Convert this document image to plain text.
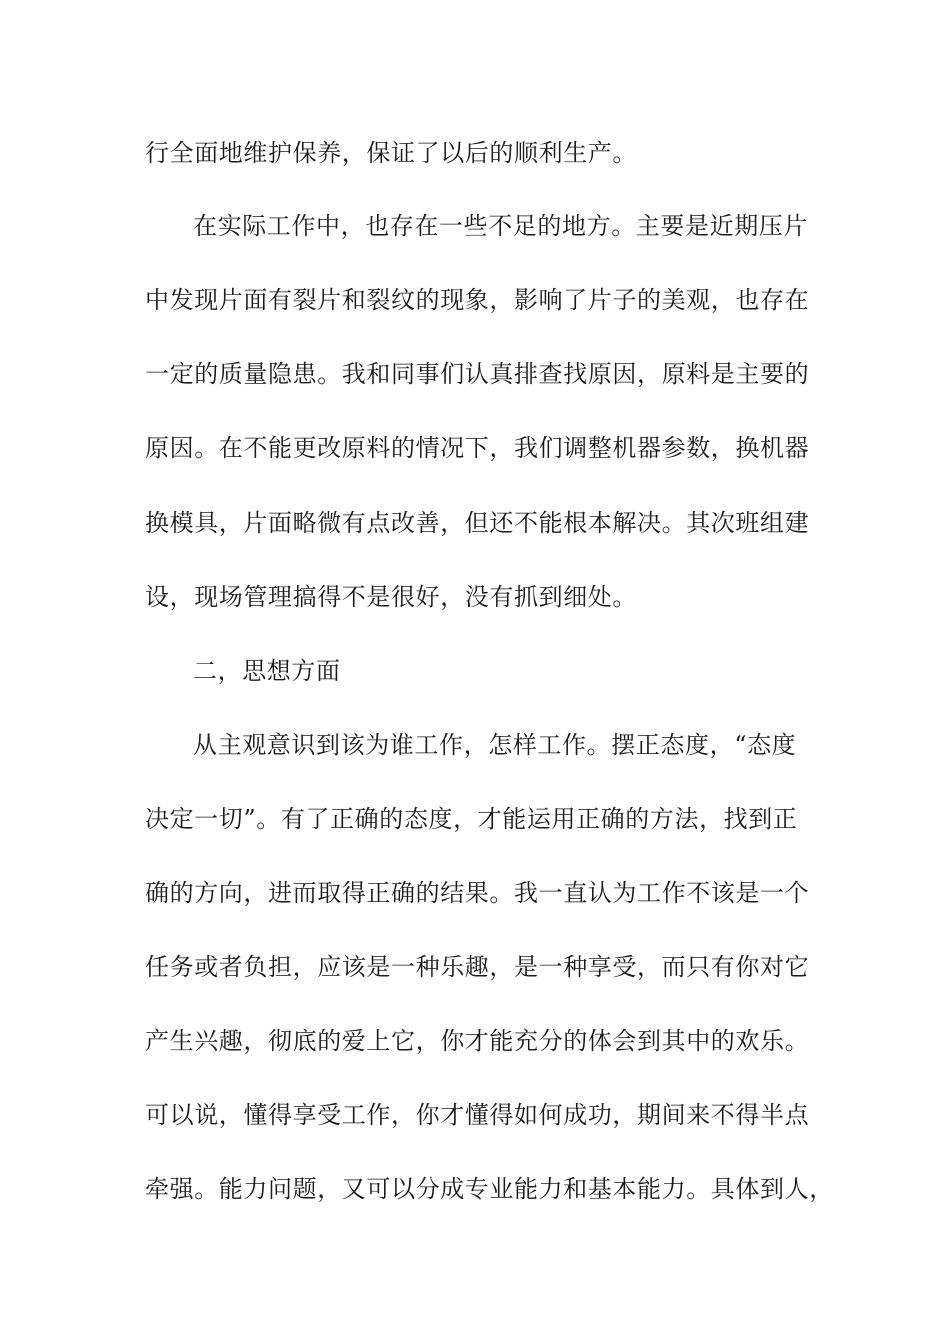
行全面地维护保养，保证了以后的顺利生产。
在实际工作中，也存在一些不足的地方。主要是近期压片
中发现片面有裂片和裂纹的现象，影响了片子的美观，也存在
一定的质量隐患。我和同事们认真排查找原因，原料是主要的
原因。在不能更改原料的情况下，我们调整机器参数，换机器
换模具，片面略微有点改善，但还不能根本解决。其次班组建
设，现场管理搞得不是很好，没有抓到细处。
二，思想方面
从主观意识到该为谁工作，怎样工作。摆正态度，“态度
决定一切”。有了正确的态度，才能运用正确的方法，找到正
确的方向，进而取得正确的结果。我一直认为工作不该是一个
任务或者负担，应该是一种乐趣，是一种享受，而只有你对它
产生兴趣，彻底的爱上它，你才能充分的体会到其中的欢乐。
可以说，懂得享受工作，你才懂得如何成功，期间来不得半点
牵强。能力问题，又可以分成专业能力和基本能力。具体到人，
